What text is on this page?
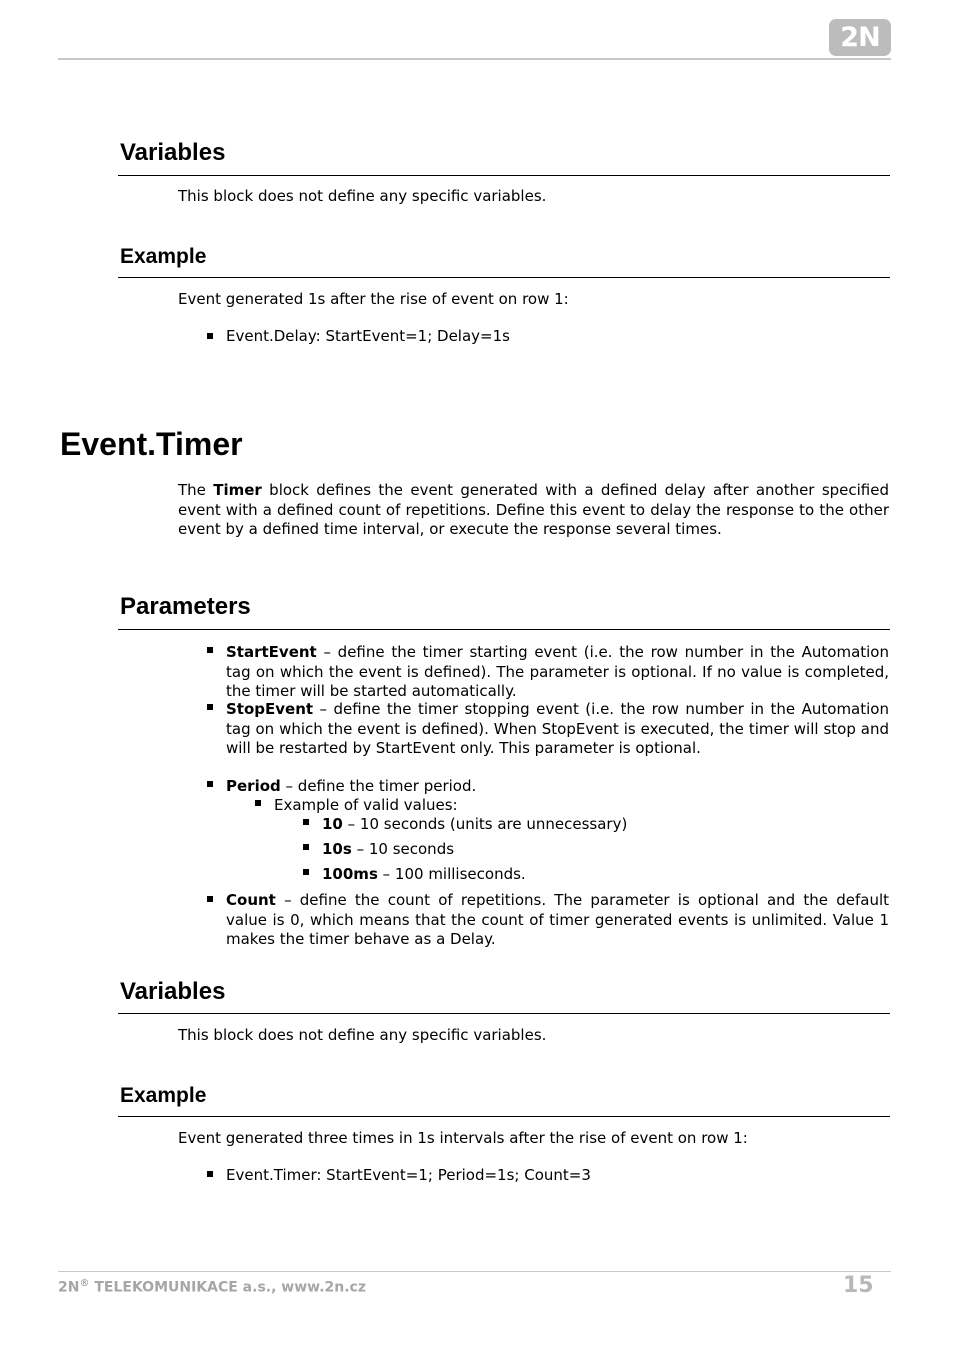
2N
Variables
This block does not define any specific variables.
Example
Event generated 1s after the rise of event on row 1:
Event.Delay: StartEvent=1; Delay=1s
Event.Timer
The Timer block defines the event generated with a defined delay after another specified event with a defined count of repetitions. Define this event to delay the response to the other event by a defined time interval, or execute the response several times.
Parameters
StartEvent – define the timer starting event (i.e. the row number in the Automation tag on which the event is defined). The parameter is optional. If no value is completed, the timer will be started automatically.
StopEvent – define the timer stopping event (i.e. the row number in the Automation tag on which the event is defined). When StopEvent is executed, the timer will stop and will be restarted by StartEvent only. This parameter is optional.
Period – define the timer period.
Example of valid values:
10 – 10 seconds (units are unnecessary)
10s – 10 seconds
100ms – 100 milliseconds.
Count – define the count of repetitions. The parameter is optional and the default value is 0, which means that the count of timer generated events is unlimited. Value 1 makes the timer behave as a Delay.
Variables
This block does not define any specific variables.
Example
Event generated three times in 1s intervals after the rise of event on row 1:
Event.Timer: StartEvent=1; Period=1s; Count=3
2N® TELEKOMUNIKACE a.s., www.2n.cz	15
